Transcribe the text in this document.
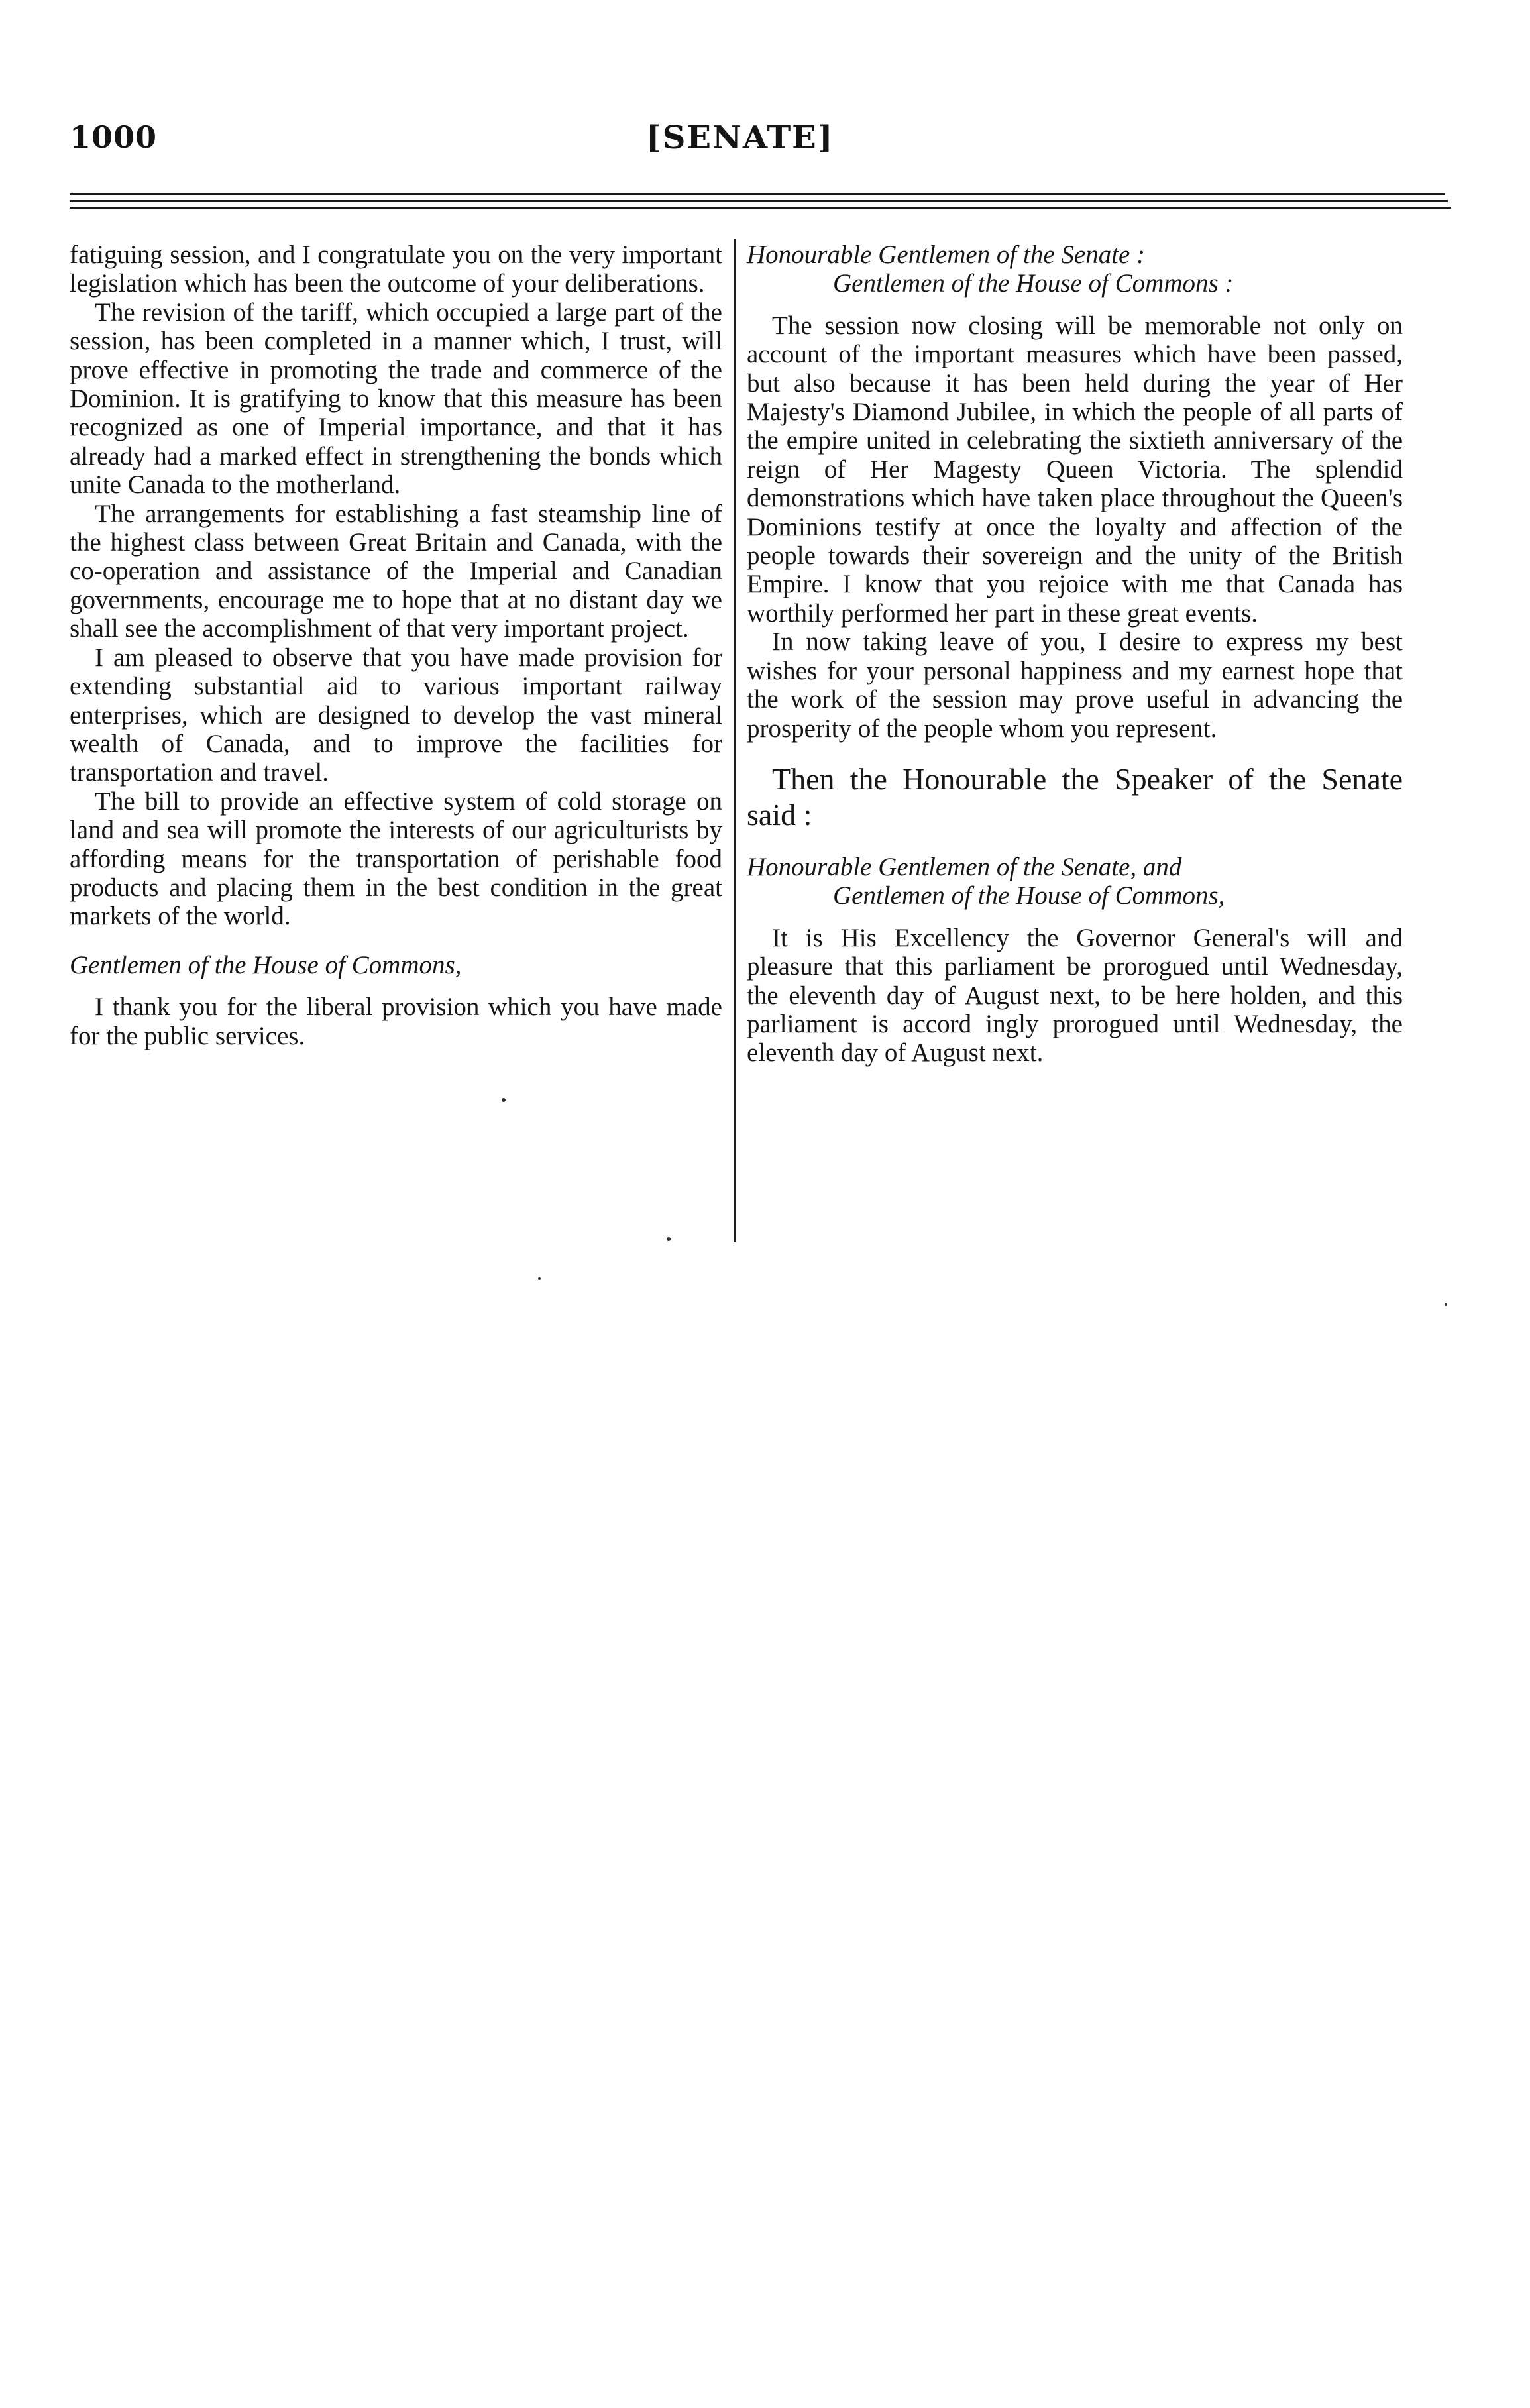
1000	[SENATE]

fatiguing session, and I congratulate you on the very important legislation which has been the outcome of your deliberations.

The revision of the tariff, which occupied a large part of the session, has been completed in a manner which, I trust, will prove effective in promoting the trade and commerce of the Dominion. It is gratifying to know that this measure has been recognized as one of Imperial importance, and that it has already had a marked effect in strengthening the bonds which unite Canada to the motherland.

The arrangements for establishing a fast steamship line of the highest class between Great Britain and Canada, with the co-operation and assistance of the Imperial and Canadian governments, encourage me to hope that at no distant day we shall see the accomplishment of that very important project.

I am pleased to observe that you have made provision for extending substantial aid to various important railway enterprises, which are designed to develop the vast mineral wealth of Canada, and to improve the facilities for transportation and travel.

The bill to provide an effective system of cold storage on land and sea will promote the interests of our agriculturists by affording means for the transportation of perishable food products and placing them in the best condition in the great markets of the world.

Gentlemen of the House of Commons,

I thank you for the liberal provision which you have made for the public services.

Honourable Gentlemen of the Senate :

Gentlemen of the House of Commons :

The session now closing will be memorable not only on account of the important measures which have been passed, but also because it has been held during the year of Her Majesty's Diamond Jubilee, in which the people of all parts of the empire united in celebrating the sixtieth anniversary of the reign of Her Magesty Queen Victoria. The splendid demonstrations which have taken place throughout the Queen's Dominions testify at once the loyalty and affection of the people towards their sovereign and the unity of the British Empire. I know that you rejoice with me that Canada has worthily performed her part in these great events.

In now taking leave of you, I desire to express my best wishes for your personal happiness and my earnest hope that the work of the session may prove useful in advancing the prosperity of the people whom you represent.

Then the Honourable the Speaker of the Senate said :

Honourable Gentlemen of the Senate, and

Gentlemen of the House of Commons,

It is His Excellency the Governor General's will and pleasure that this parliament be prorogued until Wednesday, the eleventh day of August next, to be here holden, and this parliament is accord ingly prorogued until Wednesday, the eleventh day of August next.
